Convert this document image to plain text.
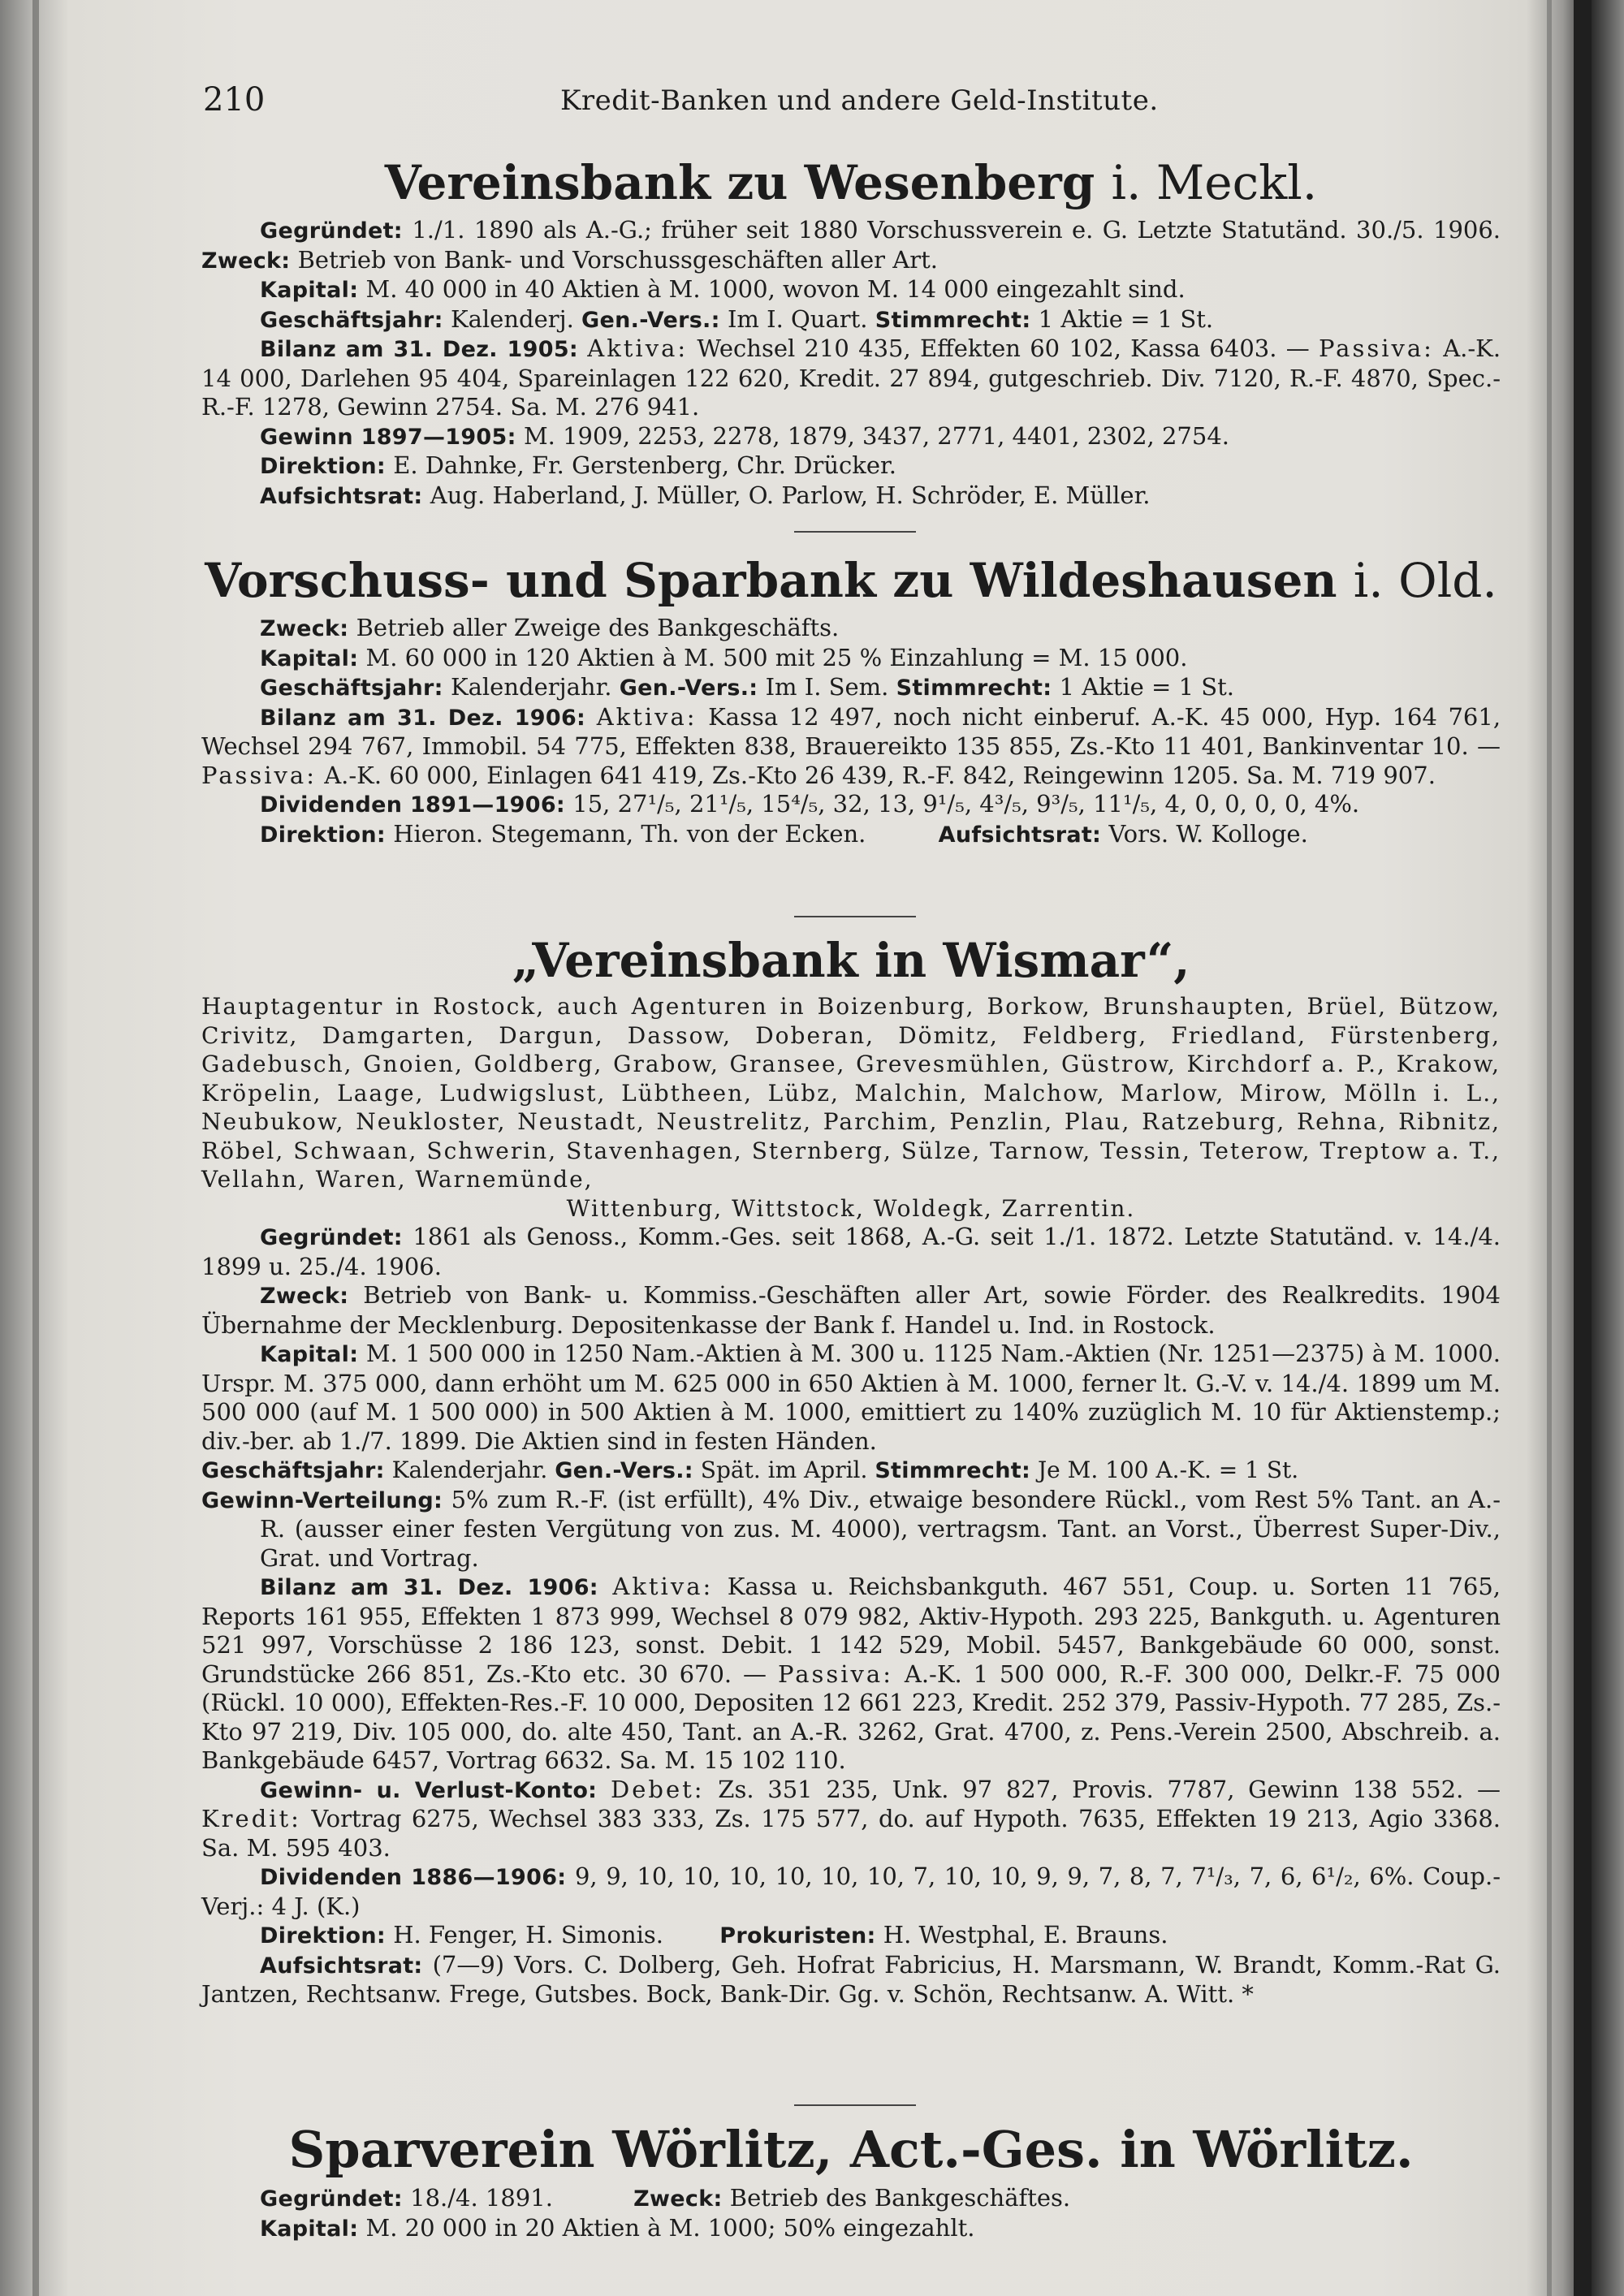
210	Kredit-Banken und andere Geld-Institute.
Vereinsbank zu Wesenberg i. Meckl.

Gegründet: 1./1. 1890 als A.-G.; früher seit 1880 Vorschussverein e. G. Letzte Statutänd. 30./5. 1906. Zweck: Betrieb von Bank- und Vorschussgeschäften aller Art.

Kapital: M. 40 000 in 40 Aktien à M. 1000, wovon M. 14 000 eingezahlt sind.

Geschäftsjahr: Kalenderj. Gen.-Vers.: Im I. Quart. Stimmrecht: 1 Aktie = 1 St.

Bilanz am 31. Dez. 1905: Aktiva: Wechsel 210 435, Effekten 60 102, Kassa 6403. — Passiva: A.-K. 14 000, Darlehen 95 404, Spareinlagen 122 620, Kredit. 27 894, gutgeschrieb. Div. 7120, R.-F. 4870, Spec.-R.-F. 1278, Gewinn 2754. Sa. M. 276 941.

Gewinn 1897—1905: M. 1909, 2253, 2278, 1879, 3437, 2771, 4401, 2302, 2754.

Direktion: E. Dahnke, Fr. Gerstenberg, Chr. Drücker.

Aufsichtsrat: Aug. Haberland, J. Müller, O. Parlow, H. Schröder, E. Müller.

Vorschuss- und Sparbank zu Wildeshausen i. Old.

Zweck: Betrieb aller Zweige des Bankgeschäfts.

Kapital: M. 60 000 in 120 Aktien à M. 500 mit 25 % Einzahlung = M. 15 000.

Geschäftsjahr: Kalenderjahr. Gen.-Vers.: Im I. Sem. Stimmrecht: 1 Aktie = 1 St.

Bilanz am 31. Dez. 1906: Aktiva: Kassa 12 497, noch nicht einberuf. A.-K. 45 000, Hyp. 164 761, Wechsel 294 767, Immobil. 54 775, Effekten 838, Brauereikto 135 855, Zs.-Kto 11 401, Bankinventar 10. — Passiva: A.-K. 60 000, Einlagen 641 419, Zs.-Kto 26 439, R.-F. 842, Reingewinn 1205. Sa. M. 719 907.

Dividenden 1891—1906: 15, 27¹/₅, 21¹/₅, 15⁴/₅, 32, 13, 9¹/₅, 4³/₅, 9³/₅, 11¹/₅, 4, 0, 0, 0, 0, 4%.

Direktion: Hieron. Stegemann, Th. von der Ecken.	Aufsichtsrat: Vors. W. Kolloge.

„Vereinsbank in Wismar“,

Hauptagentur in Rostock, auch Agenturen in Boizenburg, Borkow, Brunshaupten, Brüel, Bützow, Crivitz, Damgarten, Dargun, Dassow, Doberan, Dömitz, Feldberg, Friedland, Fürstenberg, Gadebusch, Gnoien, Goldberg, Grabow, Gransee, Grevesmühlen, Güstrow, Kirchdorf a. P., Krakow, Kröpelin, Laage, Ludwigslust, Lübtheen, Lübz, Malchin, Malchow, Marlow, Mirow, Mölln i. L., Neubukow, Neukloster, Neustadt, Neustrelitz, Parchim, Penzlin, Plau, Ratzeburg, Rehna, Ribnitz, Röbel, Schwaan, Schwerin, Stavenhagen, Sternberg, Sülze, Tarnow, Tessin, Teterow, Treptow a. T., Vellahn, Waren, Warnemünde,

Wittenburg, Wittstock, Woldegk, Zarrentin.

Gegründet: 1861 als Genoss., Komm.-Ges. seit 1868, A.-G. seit 1./1. 1872. Letzte Statutänd. v. 14./4. 1899 u. 25./4. 1906.

Zweck: Betrieb von Bank- u. Kommiss.-Geschäften aller Art, sowie Förder. des Realkredits. 1904 Übernahme der Mecklenburg. Depositenkasse der Bank f. Handel u. Ind. in Rostock.

Kapital: M. 1 500 000 in 1250 Nam.-Aktien à M. 300 u. 1125 Nam.-Aktien (Nr. 1251—2375) à M. 1000. Urspr. M. 375 000, dann erhöht um M. 625 000 in 650 Aktien à M. 1000, ferner lt. G.-V. v. 14./4. 1899 um M. 500 000 (auf M. 1 500 000) in 500 Aktien à M. 1000, emittiert zu 140% zuzüglich M. 10 für Aktienstemp.; div.-ber. ab 1./7. 1899. Die Aktien sind in festen Händen.

Geschäftsjahr: Kalenderjahr. Gen.-Vers.: Spät. im April. Stimmrecht: Je M. 100 A.-K. = 1 St.

Gewinn-Verteilung: 5% zum R.-F. (ist erfüllt), 4% Div., etwaige besondere Rückl., vom Rest 5% Tant. an A.-R. (ausser einer festen Vergütung von zus. M. 4000), vertragsm. Tant. an Vorst., Überrest Super-Div., Grat. und Vortrag.

Bilanz am 31. Dez. 1906: Aktiva: Kassa u. Reichsbankguth. 467 551, Coup. u. Sorten 11 765, Reports 161 955, Effekten 1 873 999, Wechsel 8 079 982, Aktiv-Hypoth. 293 225, Bankguth. u. Agenturen 521 997, Vorschüsse 2 186 123, sonst. Debit. 1 142 529, Mobil. 5457, Bankgebäude 60 000, sonst. Grundstücke 266 851, Zs.-Kto etc. 30 670. — Passiva: A.-K. 1 500 000, R.-F. 300 000, Delkr.-F. 75 000 (Rückl. 10 000), Effekten-Res.-F. 10 000, Depositen 12 661 223, Kredit. 252 379, Passiv-Hypoth. 77 285, Zs.-Kto 97 219, Div. 105 000, do. alte 450, Tant. an A.-R. 3262, Grat. 4700, z. Pens.-Verein 2500, Abschreib. a. Bankgebäude 6457, Vortrag 6632. Sa. M. 15 102 110.

Gewinn- u. Verlust-Konto: Debet: Zs. 351 235, Unk. 97 827, Provis. 7787, Gewinn 138 552. — Kredit: Vortrag 6275, Wechsel 383 333, Zs. 175 577, do. auf Hypoth. 7635, Effekten 19 213, Agio 3368. Sa. M. 595 403.

Dividenden 1886—1906: 9, 9, 10, 10, 10, 10, 10, 10, 7, 10, 10, 9, 9, 7, 8, 7, 7¹/₃, 7, 6, 6¹/₂, 6%. Coup.-Verj.: 4 J. (K.)

Direktion: H. Fenger, H. Simonis.	Prokuristen: H. Westphal, E. Brauns.

Aufsichtsrat: (7—9) Vors. C. Dolberg, Geh. Hofrat Fabricius, H. Marsmann, W. Brandt, Komm.-Rat G. Jantzen, Rechtsanw. Frege, Gutsbes. Bock, Bank-Dir. Gg. v. Schön, Rechtsanw. A. Witt. *

Sparverein Wörlitz, Act.-Ges. in Wörlitz.

Gegründet: 18./4. 1891.	Zweck: Betrieb des Bankgeschäftes.

Kapital: M. 20 000 in 20 Aktien à M. 1000; 50% eingezahlt.
